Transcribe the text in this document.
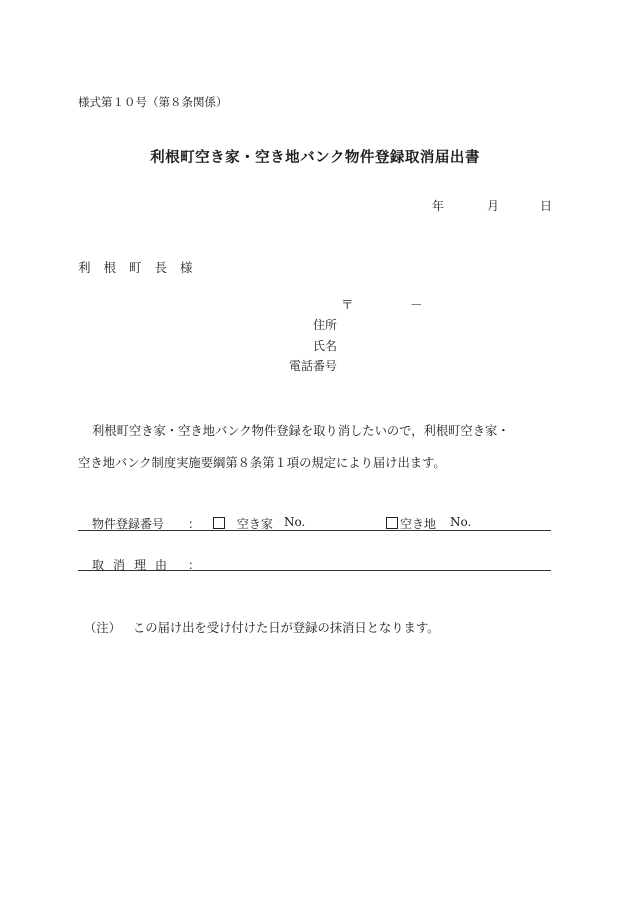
様式第１０号（第８条関係）
利根町空き家・空き地バンク物件登録取消届出書
年	月	日
利根町長様
〒	－
住所
氏名
電話番号
利根町空き家・空き地バンク物件登録を取り消したいので，利根町空き家・
空き地バンク制度実施要綱第８条第１項の規定により届け出ます。
物件登録番号 ：	空き家 No.	空き地 No.
取消理由 ：
（注） この届け出を受け付けた日が登録の抹消日となります。
